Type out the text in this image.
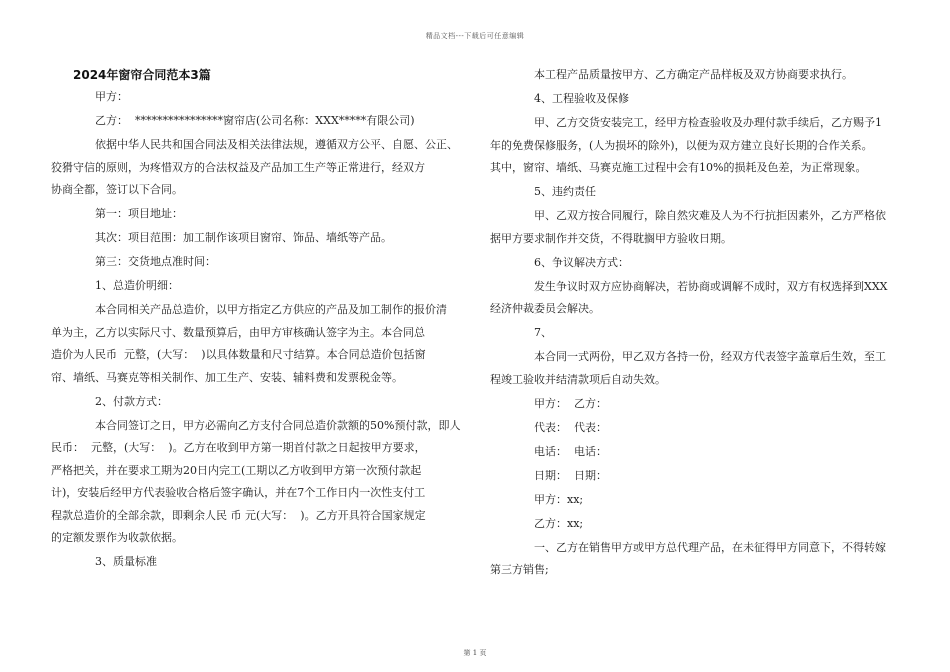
精品文档---下载后可任意编辑
2024年窗帘合同范本3篇

甲方：

乙方：  ****************窗帘店(公司名称：XXX*****有限公司)

依据中华人民共和国合同法及相关法律法规，遵循双方公平、自愿、公正、
狡猾守信的原则，为疼惜双方的合法权益及产品加工生产等正常进行，经双方
协商全都，签订以下合同。

第一：项目地址：

其次：项目范围：加工制作该项目窗帘、饰品、墙纸等产品。

第三：交货地点准时间：

1、总造价明细：

本合同相关产品总造价，以甲方指定乙方供应的产品及加工制作的报价清
单为主，乙方以实际尺寸、数量预算后，由甲方审核确认签字为主。本合同总
造价为人民币  元整，(大写：  )以具体数量和尺寸结算。本合同总造价包括窗
帘、墙纸、马赛克等相关制作、加工生产、安装、辅料费和发票税金等。

2、付款方式：

本合同签订之日，甲方必需向乙方支付合同总造价款额的50%预付款，即人
民币：  元整，(大写：  )。乙方在收到甲方第一期首付款之日起按甲方要求，
严格把关，并在要求工期为20日内完工(工期以乙方收到甲方第一次预付款起
计)，安装后经甲方代表验收合格后签字确认，并在7个工作日内一次性支付工
程款总造价的全部余款，即剩余人民 币 元(大写：  )。乙方开具符合国家规定
的定额发票作为收款依据。

3、质量标准

本工程产品质量按甲方、乙方确定产品样板及双方协商要求执行。

4、工程验收及保修

甲、乙方交货安装完工，经甲方检查验收及办理付款手续后，乙方赐予1
年的免费保修服务，(人为损坏的除外)，以便为双方建立良好长期的合作关系。
其中，窗帘、墙纸、马赛克施工过程中会有10%的损耗及色差，为正常现象。

5、违约责任

甲、乙双方按合同履行，除自然灾难及人为不行抗拒因素外，乙方严格依
据甲方要求制作并交货，不得耽搁甲方验收日期。

6、争议解决方式：

发生争议时双方应协商解决，若协商或调解不成时，双方有权选择到XXX
经济仲裁委员会解决。

7、

本合同一式两份，甲乙双方各持一份，经双方代表签字盖章后生效，至工
程竣工验收并结清款项后自动失效。

甲方：  乙方：

代表：  代表：

电话：  电话：

日期：  日期：

甲方：xx;

乙方：xx;

一、乙方在销售甲方或甲方总代理产品，在未征得甲方同意下，不得转嫁
第三方销售;

第 1 页
